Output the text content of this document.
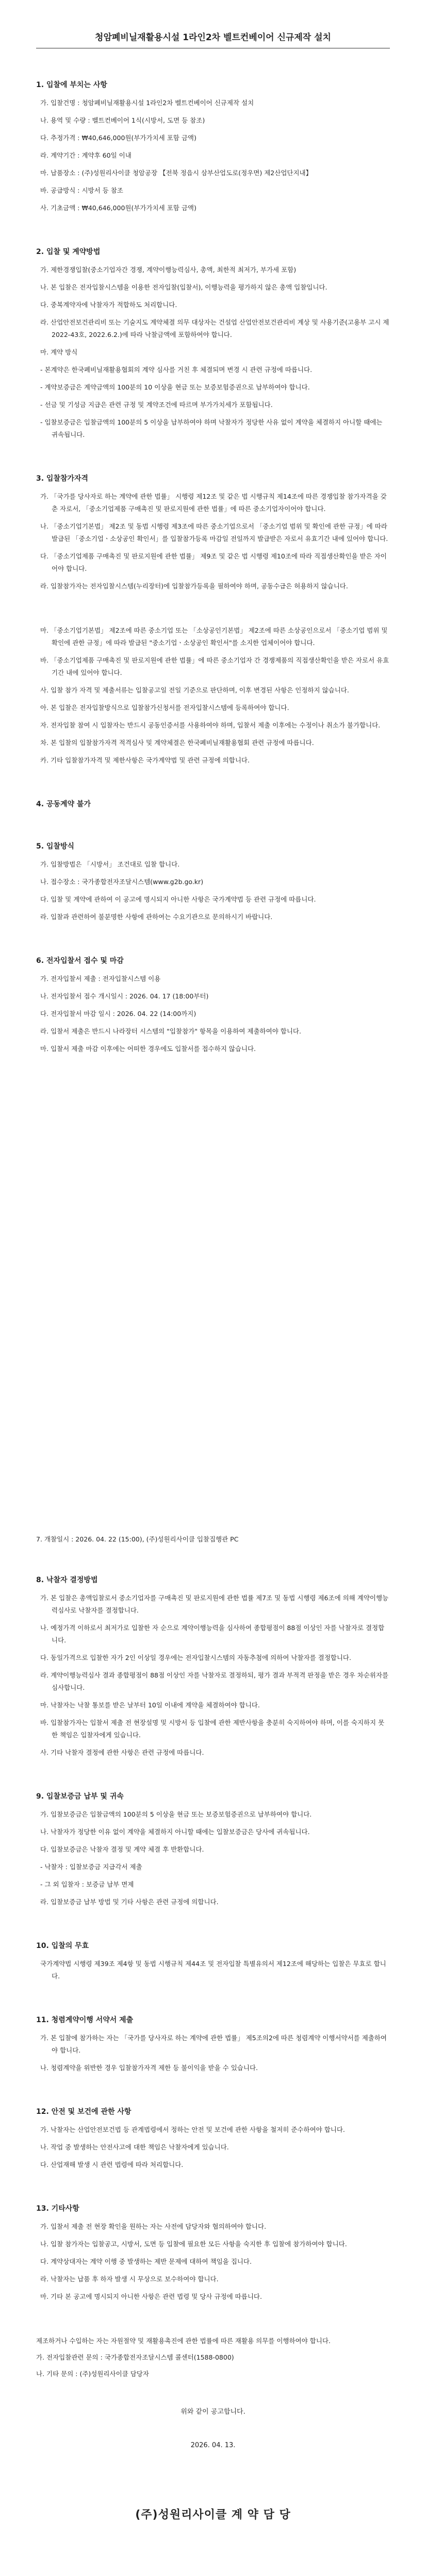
청암폐비닐재활용시설 1라인2차 벨트컨베이어 신규제작 설치
1. 입찰에 부치는 사항
가. 입찰건명 : 청암폐비닐재활용시설 1라인2차 벨트컨베이어 신규제작 설치
나. 용역 및 수량 : 벨트컨베이어 1식(시방서, 도면 등 참조)
다. 추정가격 : ₩40,646,000원(부가가치세 포함 금액)
라. 계약기간 : 계약후 60일 이내
마. 납품장소 : (주)성원리사이클 청암공장 【전북 정읍시 삼부산업도로(정우면) 제2산업단지내】
바. 공급방식 : 시방서 등 참조
사. 기초금액 : ₩40,646,000원(부가가치세 포함 금액)
2. 입찰 및 계약방법
가. 제한경쟁입찰(중소기업자간 경쟁, 계약이행능력심사, 총액, 최한적 최저가, 부가세 포함)
나. 본 입찰은 전자입찰시스템을 이용한 전자입찰(입찰서), 이행능력을 평가하지 않은 총액 입찰입니다.
다. 중복계약자에 낙찰자가 적합하도 처리합니다.
라. 산업안전보건관리비 또는 기술지도 계약체결 의무 대상자는 건설업 산업안전보건관리비 계상 및 사용기준(고용부 고시 제2022-43호, 2022.6.2.)에 따라 낙찰금액에 포함하여야 합니다.
마. 계약 방식
- 본계약은 한국폐비닐재활용협회의 계약 심사를 거친 후 체결되며 변경 시 관련 규정에 따릅니다.
- 계약보증금은 계약금액의 100분의 10 이상을 현금 또는 보증보험증권으로 납부하여야 합니다.
- 선금 및 기성금 지급은 관련 규정 및 계약조건에 따르며 부가가치세가 포함됩니다.
- 입찰보증금은 입찰금액의 100분의 5 이상을 납부하여야 하며 낙찰자가 정당한 사유 없이 계약을 체결하지 아니할 때에는 귀속됩니다.
3. 입찰참가자격
가. 「국가를 당사자로 하는 계약에 관한 법률」 시행령 제12조 및 같은 법 시행규칙 제14조에 따른 경쟁입찰 참가자격을 갖춘 자로서, 「중소기업제품 구매촉진 및 판로지원에 관한 법률」에 따른 중소기업자이어야 합니다.
나. 「중소기업기본법」 제2조 및 동법 시행령 제3조에 따른 중소기업으로서 「중소기업 범위 및 확인에 관한 규정」에 따라 발급된 「중소기업ㆍ소상공인 확인서」를 입찰참가등록 마감일 전일까지 발급받은 자로서 유효기간 내에 있어야 합니다.
다. 「중소기업제품 구매촉진 및 판로지원에 관한 법률」 제9조 및 같은 법 시행령 제10조에 따라 직접생산확인을 받은 자이어야 합니다.
라. 입찰참가자는 전자입찰시스템(누리장터)에 입찰참가등록을 필하여야 하며, 공동수급은 허용하지 않습니다.
마. 「중소기업기본법」 제2조에 따른 중소기업 또는 「소상공인기본법」 제2조에 따른 소상공인으로서 「중소기업 범위 및 확인에 관한 규정」에 따라 발급된 "중소기업ㆍ소상공인 확인서"를 소지한 업체이어야 합니다.
바. 「중소기업제품 구매촉진 및 판로지원에 관한 법률」에 따른 중소기업자 간 경쟁제품의 직접생산확인을 받은 자로서 유효기간 내에 있어야 합니다.
사. 입찰 참가 자격 및 제출서류는 입찰공고일 전일 기준으로 판단하며, 이후 변경된 사항은 인정하지 않습니다.
아. 본 입찰은 전자입찰방식으로 입찰참가신청서를 전자입찰시스템에 등록하여야 합니다.
자. 전자입찰 참여 시 입찰자는 반드시 공동인증서를 사용하여야 하며, 입찰서 제출 이후에는 수정이나 취소가 불가합니다.
차. 본 입찰의 입찰참가자격 적격심사 및 계약체결은 한국폐비닐재활용협회 관련 규정에 따릅니다.
카. 기타 입찰참가자격 및 제한사항은 국가계약법 및 관련 규정에 의합니다.
4. 공동계약 불가
5. 입찰방식
가. 입찰방법은 「시방서」 조건대로 입찰 합니다.
나. 접수장소 : 국가종합전자조달시스템(www.g2b.go.kr)
다. 입찰 및 계약에 관하여 이 공고에 명시되지 아니한 사항은 국가계약법 등 관련 규정에 따릅니다.
라. 입찰과 관련하여 불분명한 사항에 관하여는 수요기관으로 문의하시기 바랍니다.
6. 전자입찰서 접수 및 마감
가. 전자입찰서 제출 : 전자입찰시스템 이용
나. 전자입찰서 접수 개시일시 : 2026. 04. 17 (18:00부터)
다. 전자입찰서 마감 일시 : 2026. 04. 22 (14:00까지)
라. 입찰서 제출은 반드시 나라장터 시스템의 "입찰참가" 항목을 이용하여 제출하여야 합니다.
마. 입찰서 제출 마감 이후에는 어떠한 경우에도 입찰서를 접수하지 않습니다.
7. 개찰일시 : 2026. 04. 22 (15:00), (주)성원리사이클 입찰집행관 PC
8. 낙찰자 결정방법
가. 본 입찰은 총액입찰로서 중소기업자를 구매촉진 및 판로지원에 관한 법률 제7조 및 동법 시행령 제6조에 의해 계약이행능력심사로 낙찰자를 결정합니다.
나. 예정가격 이하로서 최저가로 입찰한 자 순으로 계약이행능력을 심사하여 종합평점이 88점 이상인 자를 낙찰자로 결정합니다.
다. 동일가격으로 입찰한 자가 2인 이상일 경우에는 전자입찰시스템의 자동추첨에 의하여 낙찰자를 결정합니다.
라. 계약이행능력심사 결과 종합평점이 88점 이상인 자를 낙찰자로 결정하되, 평가 결과 부적격 판정을 받은 경우 차순위자를 심사합니다.
마. 낙찰자는 낙찰 통보를 받은 날부터 10일 이내에 계약을 체결하여야 합니다.
바. 입찰참가자는 입찰서 제출 전 현장설명 및 시방서 등 입찰에 관한 제반사항을 충분히 숙지하여야 하며, 이를 숙지하지 못한 책임은 입찰자에게 있습니다.
사. 기타 낙찰자 결정에 관한 사항은 관련 규정에 따릅니다.
9. 입찰보증금 납부 및 귀속
가. 입찰보증금은 입찰금액의 100분의 5 이상을 현금 또는 보증보험증권으로 납부하여야 합니다.
나. 낙찰자가 정당한 이유 없이 계약을 체결하지 아니할 때에는 입찰보증금은 당사에 귀속됩니다.
다. 입찰보증금은 낙찰자 결정 및 계약 체결 후 반환합니다.
- 낙찰자 : 입찰보증금 지급각서 제출
- 그 외 입찰자 : 보증금 납부 면제
라. 입찰보증금 납부 방법 및 기타 사항은 관련 규정에 의합니다.
10. 입찰의 무효
국가계약법 시행령 제39조 제4항 및 동법 시행규칙 제44조 및 전자입찰 특별유의서 제12조에 해당하는 입찰은 무효로 합니다.
11. 청렴계약이행 서약서 제출
가. 본 입찰에 참가하는 자는 「국가를 당사자로 하는 계약에 관한 법률」 제5조의2에 따른 청렴계약 이행서약서를 제출하여야 합니다.
나. 청렴계약을 위반한 경우 입찰참가자격 제한 등 불이익을 받을 수 있습니다.
12. 안전 및 보건에 관한 사항
가. 낙찰자는 산업안전보건법 등 관계법령에서 정하는 안전 및 보건에 관한 사항을 철저히 준수하여야 합니다.
나. 작업 중 발생하는 안전사고에 대한 책임은 낙찰자에게 있습니다.
다. 산업재해 발생 시 관련 법령에 따라 처리합니다.
13. 기타사항
가. 입찰서 제출 전 현장 확인을 원하는 자는 사전에 담당자와 협의하여야 합니다.
나. 입찰 참가자는 입찰공고, 시방서, 도면 등 입찰에 필요한 모든 사항을 숙지한 후 입찰에 참가하여야 합니다.
다. 계약상대자는 계약 이행 중 발생하는 제반 문제에 대하여 책임을 집니다.
라. 낙찰자는 납품 후 하자 발생 시 무상으로 보수하여야 합니다.
마. 기타 본 공고에 명시되지 아니한 사항은 관련 법령 및 당사 규정에 따릅니다.
제조하거나 수입하는 자는 자원절약 및 재활용촉진에 관한 법률에 따른 재활용 의무를 이행하여야 합니다.
가. 전자입찰관련 문의 : 국가종합전자조달시스템 콜센터(1588-0800)
나. 기타 문의 : (주)성원리사이클 담당자
위와 같이 공고합니다.
2026. 04. 13.
(주)성원리사이클 계 약 담 당
